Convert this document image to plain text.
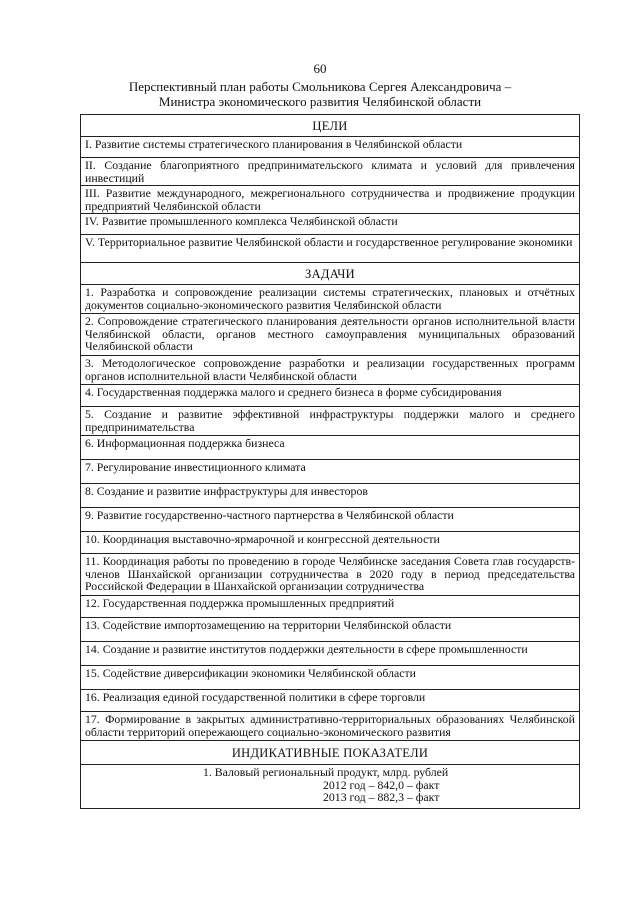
60
Перспективный план работы Смольникова Сергея Александровича –
Министра экономического развития Челябинской области
ЦЕЛИ
I. Развитие системы стратегического планирования в Челябинской области
II. Создание благоприятного предпринимательского климата и условий для привлечения инвестиций
III. Развитие международного, межрегионального сотрудничества и продвижение продукции предприятий Челябинской области
IV. Развитие промышленного комплекса Челябинской области
V. Территориальное развитие Челябинской области и государственное регулирование экономики
ЗАДАЧИ
1. Разработка и сопровождение реализации системы стратегических, плановых и отчётных документов социально-экономического развития Челябинской области
2. Сопровождение стратегического планирования деятельности органов исполнительной власти Челябинской области, органов местного самоуправления муниципальных образований Челябинской области
3. Методологическое сопровождение разработки и реализации государственных программ органов исполнительной власти Челябинской области
4. Государственная поддержка малого и среднего бизнеса в форме субсидирования
5. Создание и развитие эффективной инфраструктуры поддержки малого и среднего предпринимательства
6. Информационная поддержка бизнеса
7. Регулирование инвестиционного климата
8. Создание и развитие инфраструктуры для инвесторов
9. Развитие государственно-частного партнерства в Челябинской области
10. Координация выставочно-ярмарочной и конгрессной деятельности
11. Координация работы по проведению в городе Челябинске заседания Совета глав государств-членов Шанхайской организации сотрудничества в 2020 году в период председательства Российской Федерации в Шанхайской организации сотрудничества
12. Государственная поддержка промышленных предприятий
13. Содействие импортозамещению на территории Челябинской области
14. Создание и развитие институтов поддержки деятельности в сфере промышленности
15. Содействие диверсификации экономики Челябинской области
16. Реализация единой государственной политики в сфере торговли
17. Формирование в закрытых административно-территориальных образованиях Челябинской области территорий опережающего социально-экономического развития
ИНДИКАТИВНЫЕ ПОКАЗАТЕЛИ

1. Валовый региональный продукт, млрд. рублей
2012 год – 842,0 – факт
2013 год – 882,3 – факт
